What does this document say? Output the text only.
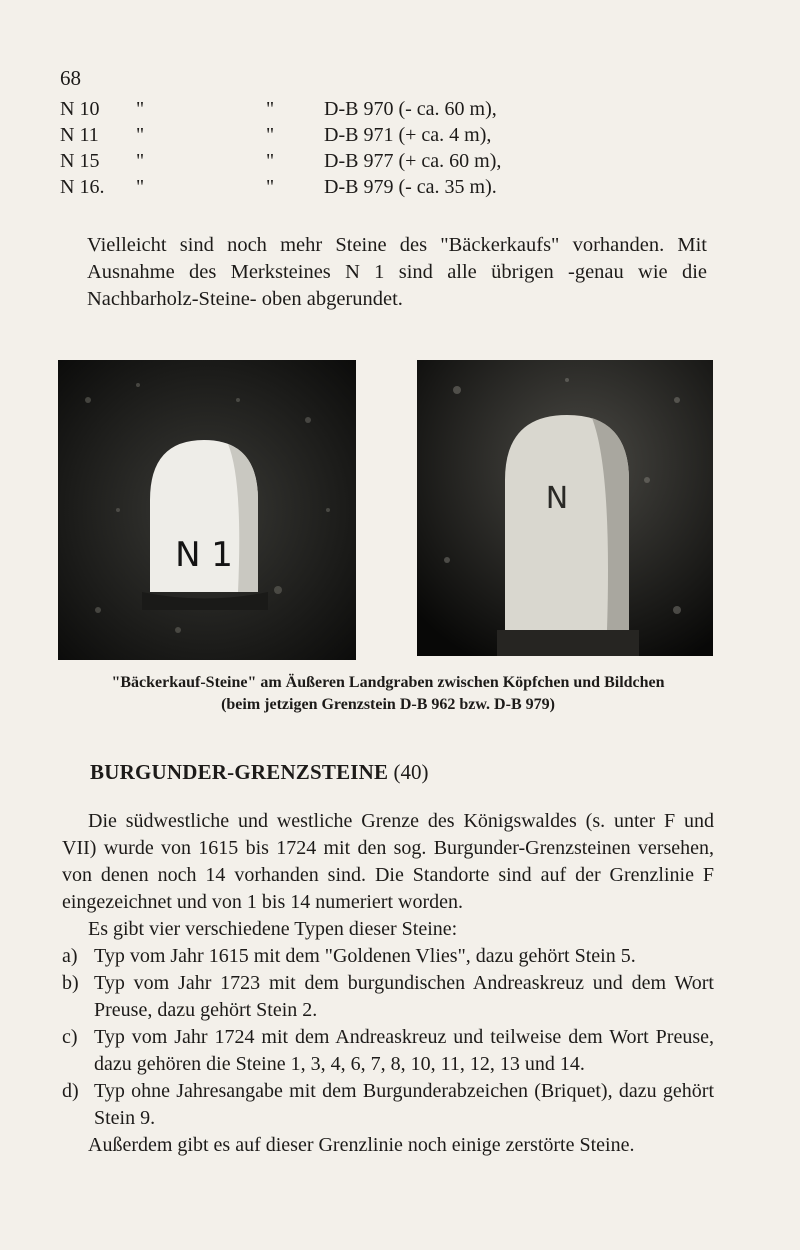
68
N 10	"	"	D-B 970 (- ca. 60 m),
N 11	"	"	D-B 971 (+ ca. 4 m),
N 15	"	"	D-B 977 (+ ca. 60 m),
N 16.	"	"	D-B 979 (- ca. 35 m).

Vielleicht sind noch mehr Steine des "Bäckerkaufs" vorhanden. Mit Ausnahme des Merksteines N 1 sind alle übrigen -genau wie die Nachbarholz-Steine- oben abgerundet.

N 1
N
"Bäckerkauf-Steine" am Äußeren Landgraben zwischen Köpfchen und Bildchen
(beim jetzigen Grenzstein D-B 962 bzw. D-B 979)
BURGUNDER-GRENZSTEINE (40)

Die südwestliche und westliche Grenze des Königswaldes (s. unter F und VII) wurde von 1615 bis 1724 mit den sog. Burgunder-Grenzsteinen versehen, von denen noch 14 vorhanden sind. Die Standorte sind auf der Grenzlinie F eingezeichnet und von 1 bis 14 numeriert worden.

Es gibt vier verschiedene Typen dieser Steine:

a) Typ vom Jahr 1615 mit dem "Goldenen Vlies", dazu gehört Stein 5.
b) Typ vom Jahr 1723 mit dem burgundischen Andreaskreuz und dem Wort Preuse, dazu gehört Stein 2.
c) Typ vom Jahr 1724 mit dem Andreaskreuz und teilweise dem Wort Preuse, dazu gehören die Steine 1, 3, 4, 6, 7, 8, 10, 11, 12, 13 und 14.
d) Typ ohne Jahresangabe mit dem Burgunderabzeichen (Briquet), dazu gehört Stein 9.

Außerdem gibt es auf dieser Grenzlinie noch einige zerstörte Steine.
